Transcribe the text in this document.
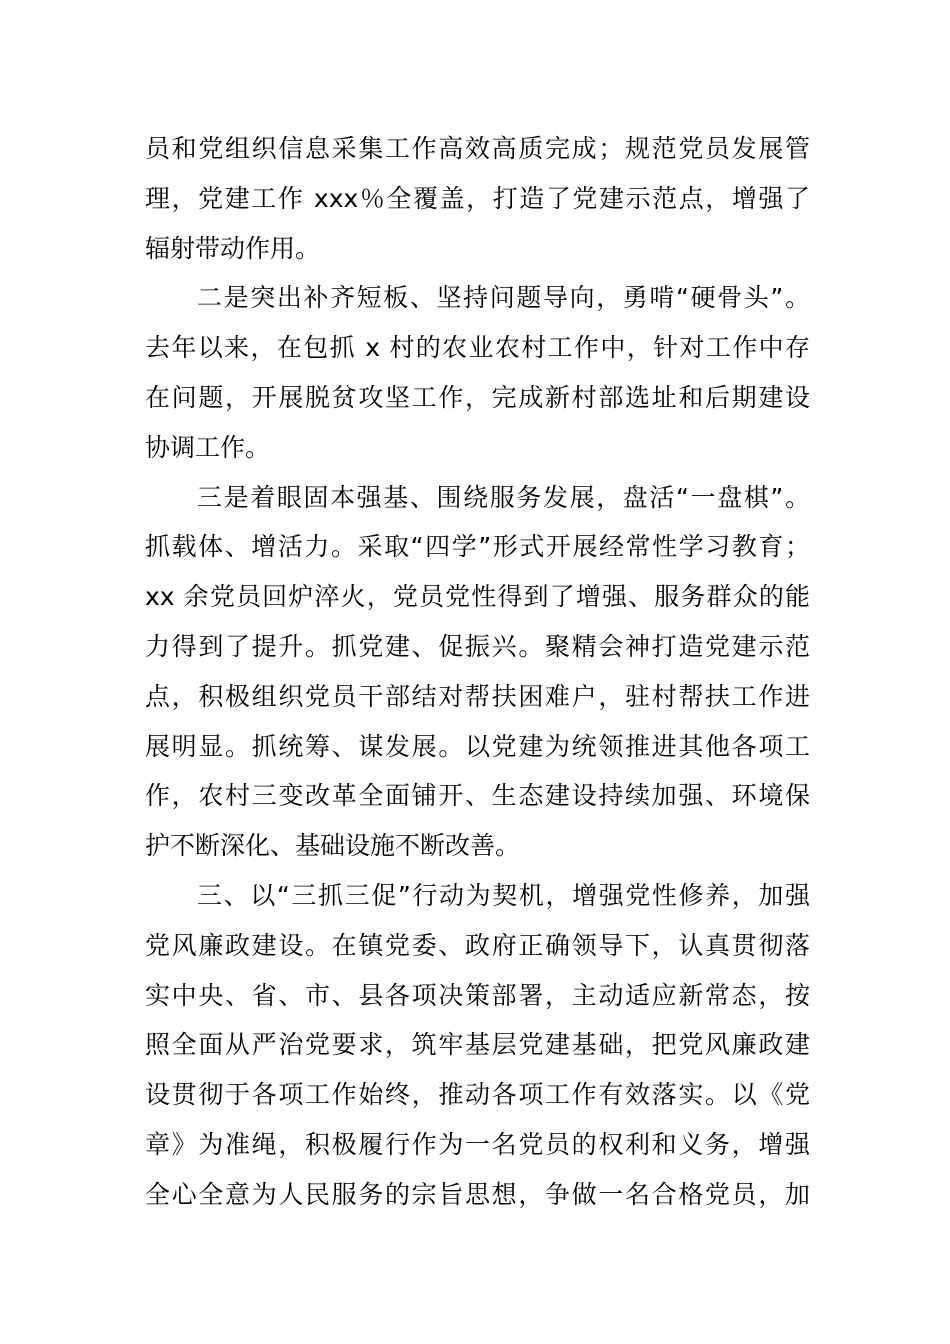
员和党组织信息采集工作高效高质完成；规范党员发展管
理，党建工作 xxx％全覆盖，打造了党建示范点，增强了
辐射带动作用。
二是突出补齐短板、坚持问题导向，勇啃“硬骨头”。
去年以来，在包抓 x 村的农业农村工作中，针对工作中存
在问题，开展脱贫攻坚工作，完成新村部选址和后期建设
协调工作。
三是着眼固本强基、围绕服务发展，盘活“一盘棋”。
抓载体、增活力。采取“四学”形式开展经常性学习教育；
xx 余党员回炉淬火，党员党性得到了增强、服务群众的能
力得到了提升。抓党建、促振兴。聚精会神打造党建示范
点，积极组织党员干部结对帮扶困难户，驻村帮扶工作进
展明显。抓统筹、谋发展。以党建为统领推进其他各项工
作，农村三变改革全面铺开、生态建设持续加强、环境保
护不断深化、基础设施不断改善。
三、以“三抓三促”行动为契机，增强党性修养，加强
党风廉政建设。在镇党委、政府正确领导下，认真贯彻落
实中央、省、市、县各项决策部署，主动适应新常态，按
照全面从严治党要求，筑牢基层党建基础，把党风廉政建
设贯彻于各项工作始终，推动各项工作有效落实。以《党
章》为准绳，积极履行作为一名党员的权利和义务，增强
全心全意为人民服务的宗旨思想，争做一名合格党员，加
